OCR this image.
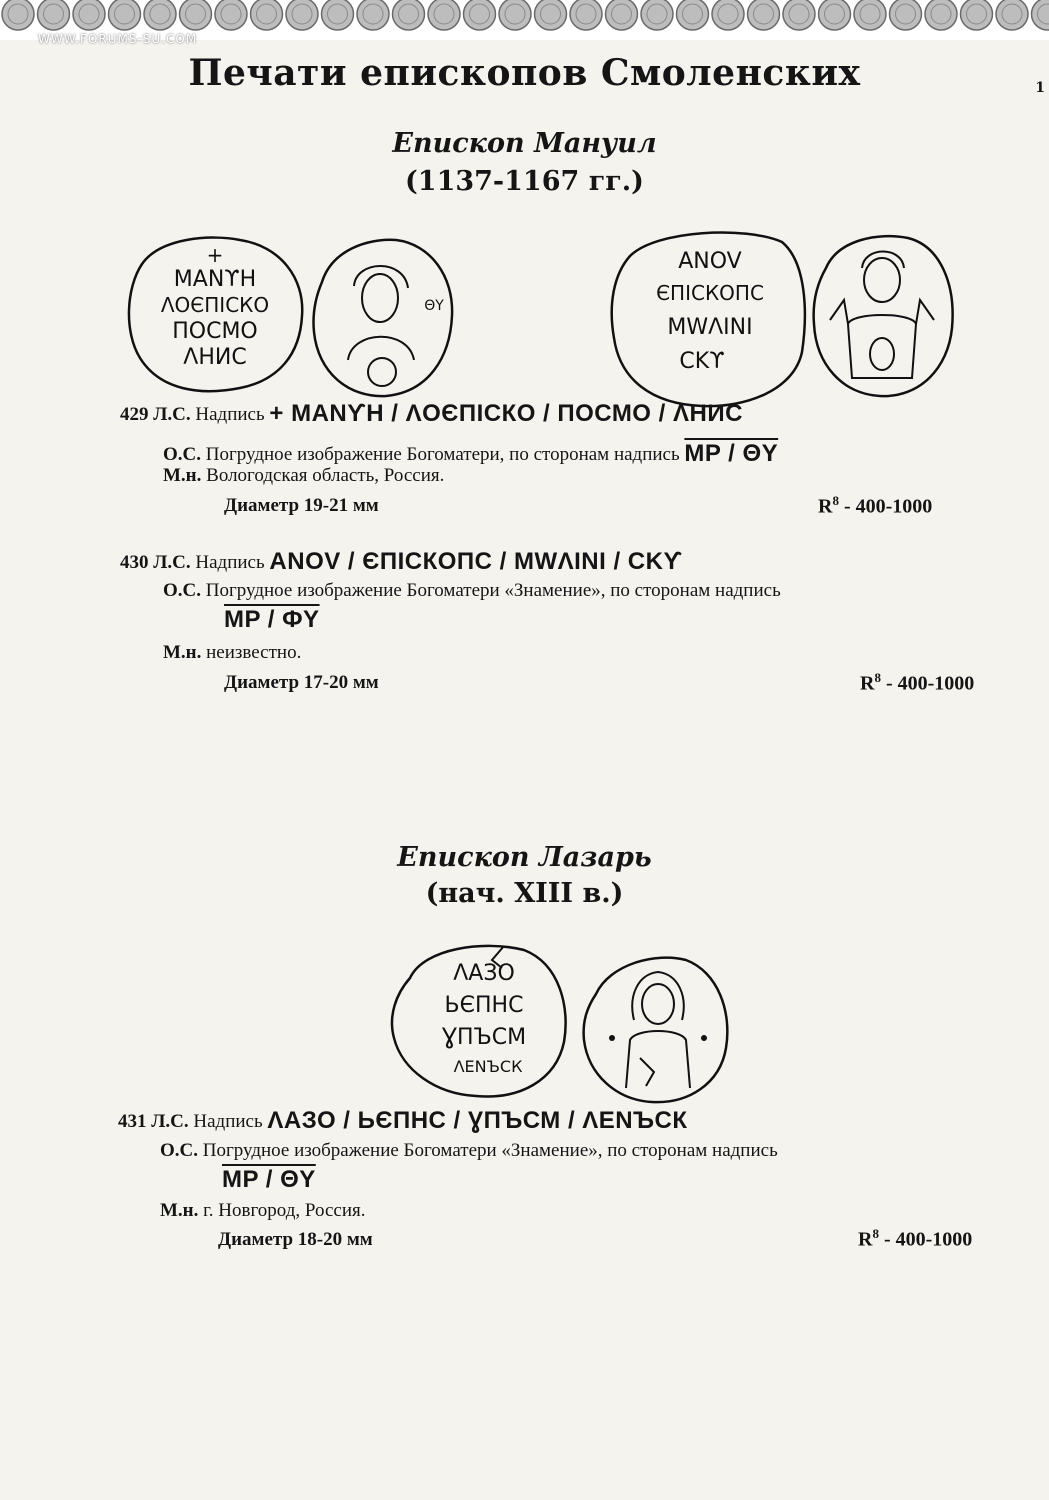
WWW.FORUMS-SU.COM
1
Печати епископов Смоленских
Епископ Мануил
(1137-1167 гг.)
+
MANϒH
ΛОЄПІСКО
ПОСМО
ΛНИС
ΘY
ANOV
ЄПІСКОПС
MWΛINI
CKϒ
429 Л.С. Надпись + MANϒH / ΛОЄПІСКО / ПОСМО / ΛНИС
О.С. Погрудное изображение Богоматери, по сторонам надпись MP / ΘY
М.н. Вологодская область, Россия.
Диаметр 19-21 мм	$R^8 - 400-1000$
430 Л.С. Надпись ANOV / ЄПІСКОПС / MWΛINI / CKϒ
О.С. Погрудное изображение Богоматери «Знамение», по сторонам надпись
MP / ФY
М.н. неизвестно.
Диаметр 17-20 мм	$R^8 - 400-1000$
Епископ Лазарь
(нач. XIII в.)
ΛАЗО
ЬЄПНС
ƔПЪСМ
ΛЕNЪСК
431 Л.С. Надпись ΛАЗО / ЬЄПНС / ƔПЪСМ / ΛЕNЪСК
О.С. Погрудное изображение Богоматери «Знамение», по сторонам надпись
MP / ΘY
М.н. г. Новгород, Россия.
Диаметр 18-20 мм	$R^8 - 400-1000$
